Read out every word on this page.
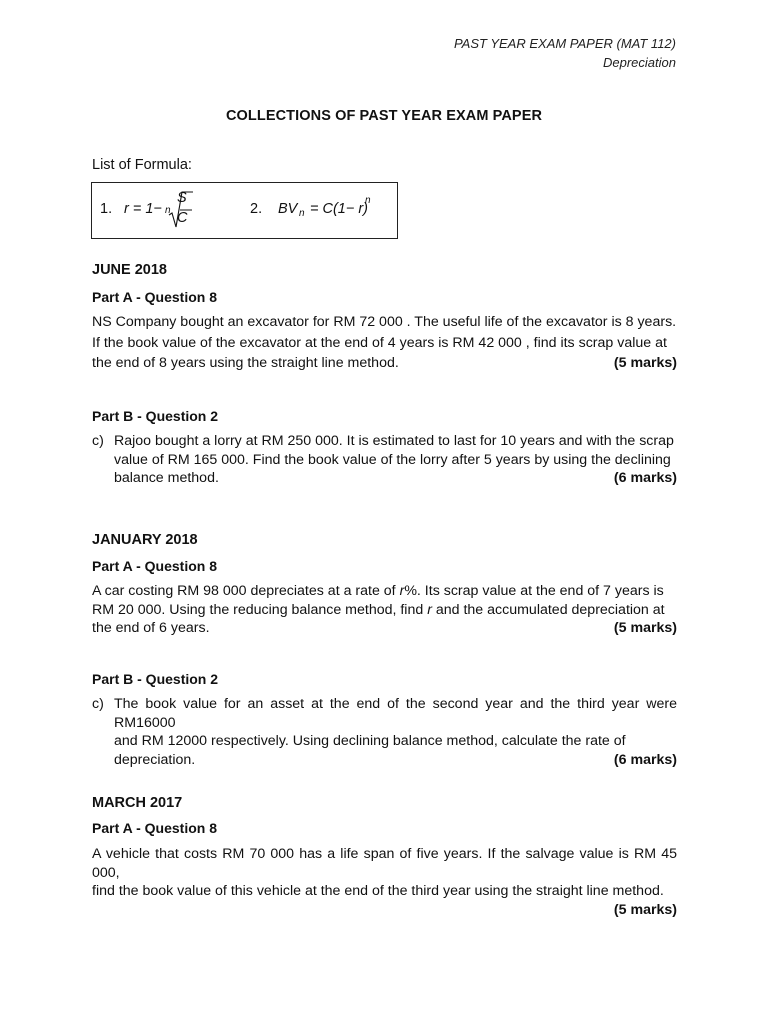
PAST YEAR EXAM PAPER (MAT 112)
Depreciation
COLLECTIONS OF PAST YEAR EXAM PAPER
List of Formula:
1. r = 1− n
S
C
2. BV n = C(1− r)
n
JUNE 2018
Part A - Question 8
NS Company bought an excavator for RM 72 000 . The useful life of the excavator is 8 years.
If the book value of the excavator at the end of 4 years is RM 42 000 , find its scrap value at
the end of 8 years using the straight line method.	(5 marks)
Part B - Question 2
c) Rajoo bought a lorry at RM 250 000. It is estimated to last for 10 years and with the scrap
value of RM 165 000. Find the book value of the lorry after 5 years by using the declining
balance method.	(6 marks)
JANUARY 2018
Part A - Question 8
A car costing RM 98 000 depreciates at a rate of r%. Its scrap value at the end of 7 years is
RM 20 000. Using the reducing balance method, find r and the accumulated depreciation at
the end of 6 years.	(5 marks)
Part B - Question 2
c) The book value for an asset at the end of the second year and the third year were RM16000
and RM 12000 respectively. Using declining balance method, calculate the rate of
depreciation.	(6 marks)
MARCH 2017
Part A - Question 8
A vehicle that costs RM 70 000 has a life span of five years. If the salvage value is RM 45 000,
find the book value of this vehicle at the end of the third year using the straight line method.
(5 marks)
